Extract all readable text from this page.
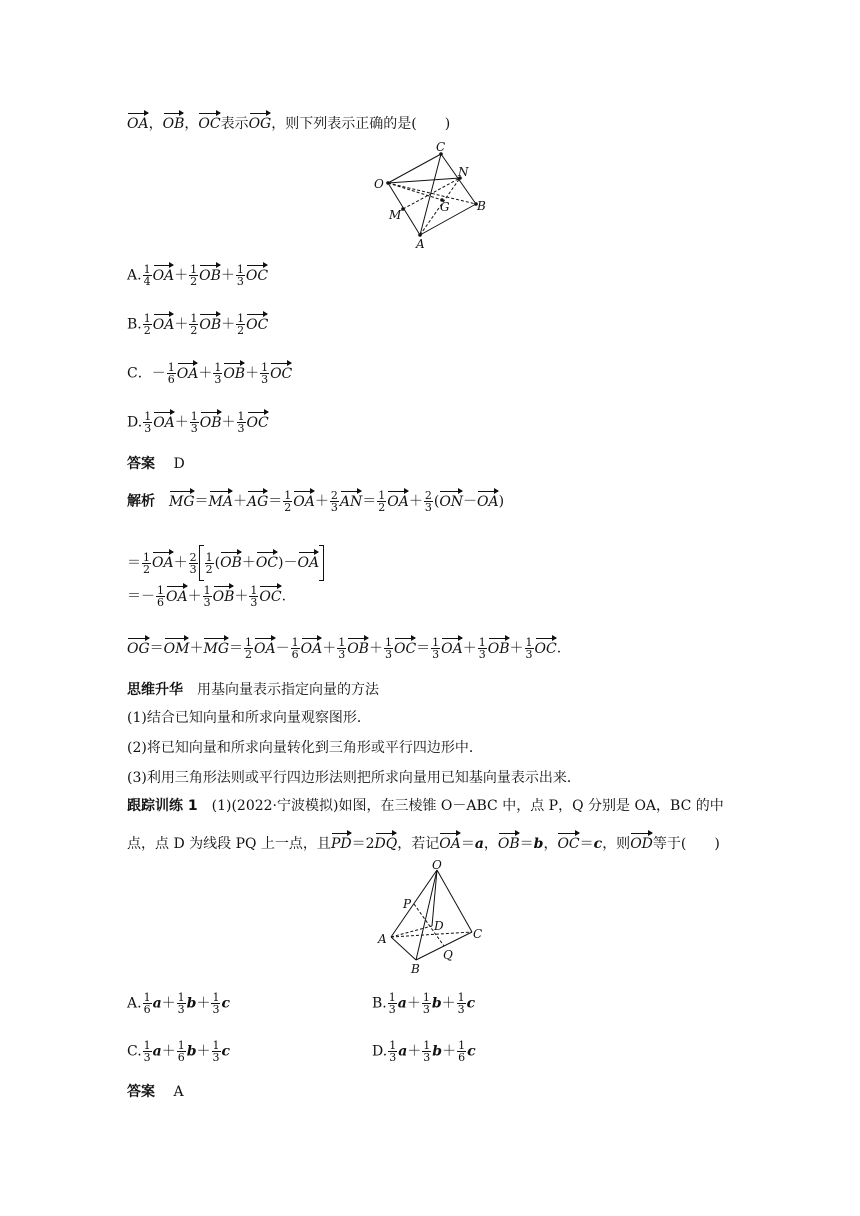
OA，OB，OC表示OG，则下列表示正确的是(　　)
O
C
N
G B
M
A
A. $\frac{1}{4} OA+ \frac{1}{2} OB+ \frac{1}{3}$ OC
B. $\frac{1}{2} OA+ \frac{1}{2} OB+ \frac{1}{2}$ OC
C．－ $\frac{1}{6} OA+ \frac{1}{3} OB+ \frac{1}{3}$ OC
D. $\frac{1}{3} OA+ \frac{1}{3} OB+ \frac{1}{3}$ OC
答案　 D
解析　 $MG=MA+AG= \frac{1}{2} OA+ \frac{2}{3} AN= \frac{1}{2} OA+ \frac{2}{3} (ON-OA)$
＝ $\frac{1}{2} OA+ \frac{2}{3} \frac{1}{2} (OB+OC)-OA$
＝－ $\frac{1}{6} OA+ \frac{1}{3} OB+ \frac{1}{3}$ OC.
$OG=OM+MG= \frac{1}{2} OA- \frac{1}{6} OA+ \frac{1}{3} OB+ \frac{1}{3} OC= \frac{1}{3} OA+ \frac{1}{3} OB+ \frac{1}{3}$ OC.
思维升华　 用基向量表示指定向量的方法
(1)结合已知向量和所求向量观察图形．
(2)将已知向量和所求向量转化到三角形或平行四边形中．
(3)利用三角形法则或平行四边形法则把所求向量用已知基向量表示出来．
跟踪训练 1　 (1)(2022·宁波模拟)如图，在三棱锥 O－ABC 中，点 P，Q 分别是 OA，BC 的中
点，点 D 为线段 PQ 上一点，且PD＝2DQ，若记OA＝a，OB＝b，OC＝c，则OD等于(　　)
O
P
D
A	C
B
Q
A. $\frac{1}{6} a+ \frac{1}{3} b+ \frac{1}{3}$ c	B. $\frac{1}{3} a+ \frac{1}{3} b+ \frac{1}{3}$ c
C. $\frac{1}{3} a+ \frac{1}{6} b+ \frac{1}{3}$ c	D. $\frac{1}{3} a+ \frac{1}{3} b+ \frac{1}{6}$ c
答案　 A
